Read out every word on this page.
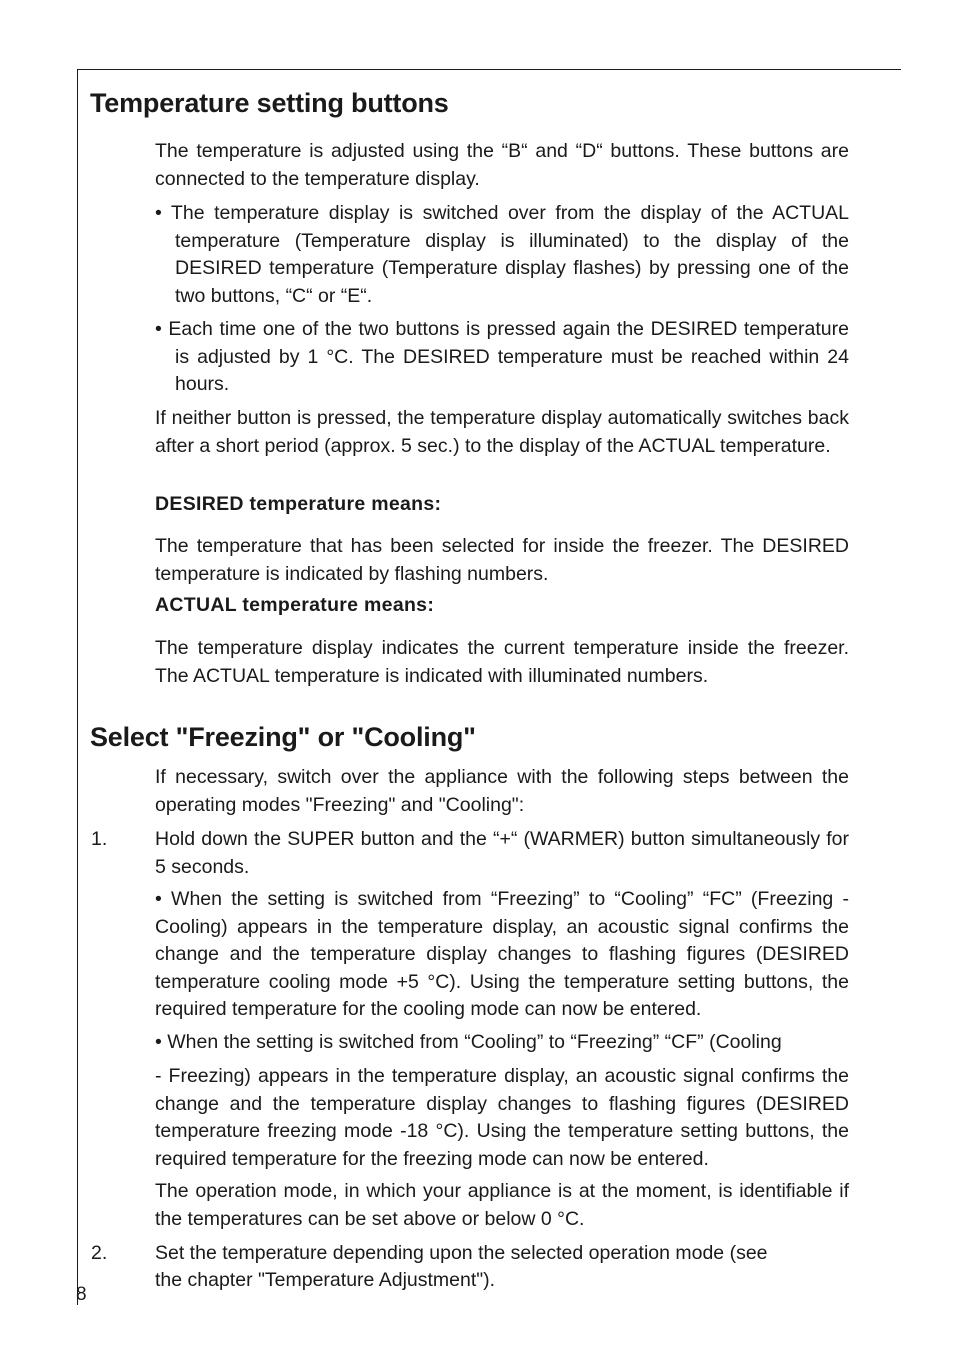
Temperature setting buttons

The temperature is adjusted using the “B“ and “D“ buttons. These buttons are connected to the temperature display.

• The temperature display is switched over from the display of the ACTUAL temperature (Temperature display is illuminated) to the display of the DESIRED temperature (Temperature display flashes) by pressing one of the two buttons, “C“ or “E“.

• Each time one of the two buttons is pressed again the DESIRED temperature is adjusted by 1 °C. The DESIRED temperature must be reached within 24 hours.

If neither button is pressed, the temperature display automatically switches back after a short period (approx. 5 sec.) to the display of the ACTUAL temperature.

DESIRED temperature means:

The temperature that has been selected for inside the freezer. The DESIRED temperature is indicated by flashing numbers.

ACTUAL temperature means:

The temperature display indicates the current temperature inside the freezer. The ACTUAL temperature is indicated with illuminated numbers.

Select "Freezing" or "Cooling"

If necessary, switch over the appliance with the following steps between the operating modes "Freezing" and "Cooling":

1. Hold down the SUPER button and the “+“ (WARMER) button simultaneously for 5 seconds.

• When the setting is switched from “Freezing” to “Cooling” “FC” (Freezing - Cooling) appears in the temperature display, an acoustic signal confirms the change and the temperature display changes to flashing figures (DESIRED temperature cooling mode +5 °C). Using the temperature setting buttons, the required temperature for the cooling mode can now be entered.

• When the setting is switched from “Cooling” to “Freezing” “CF” (Cooling

- Freezing) appears in the temperature display, an acoustic signal confirms the change and the temperature display changes to flashing figures (DESIRED temperature freezing mode -18 °C). Using the temperature setting buttons, the required temperature for the freezing mode can now be entered.

The operation mode, in which your appliance is at the moment, is identifiable if the temperatures can be set above or below 0 °C.

2. Set the temperature depending upon the selected operation mode (see

the chapter "Temperature Adjustment").

8
